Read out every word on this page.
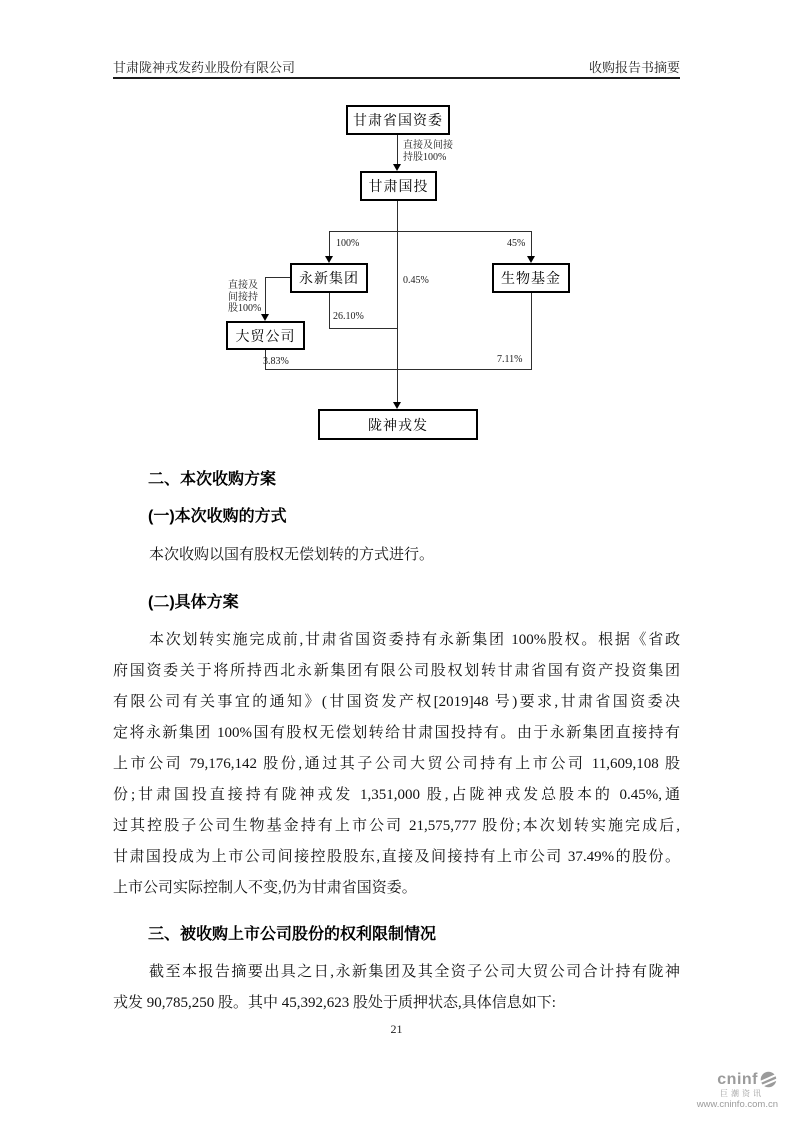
甘肃陇神戎发药业股份有限公司	收购报告书摘要
甘肃省国资委
甘肃国投
永新集团	生物基金
大贸公司
陇神戎发
直接及间接
持股100%
0.45%
100%	45%
直接及
间接持
股100%
26.10%
3.83%	7.11%
二、本次收购方案
(一)本次收购的方式
本次收购以国有股权无偿划转的方式进行。
(二)具体方案
本次划转实施完成前,甘肃省国资委持有永新集团 100%股权。根据《省政
府国资委关于将所持西北永新集团有限公司股权划转甘肃省国有资产投资集团
有限公司有关事宜的通知》(甘国资发产权[2019]48 号)要求,甘肃省国资委决
定将永新集团 100%国有股权无偿划转给甘肃国投持有。由于永新集团直接持有
上市公司 79,176,142 股份,通过其子公司大贸公司持有上市公司 11,609,108 股
份;甘肃国投直接持有陇神戎发 1,351,000 股,占陇神戎发总股本的 0.45%,通
过其控股子公司生物基金持有上市公司 21,575,777 股份;本次划转实施完成后,
甘肃国投成为上市公司间接控股股东,直接及间接持有上市公司 37.49%的股份。
上市公司实际控制人不变,仍为甘肃省国资委。
三、被收购上市公司股份的权利限制情况
截至本报告摘要出具之日,永新集团及其全资子公司大贸公司合计持有陇神
戎发 90,785,250 股。其中 45,392,623 股处于质押状态,具体信息如下:
21
cninf
巨潮资讯
www.cninfo.com.cn
